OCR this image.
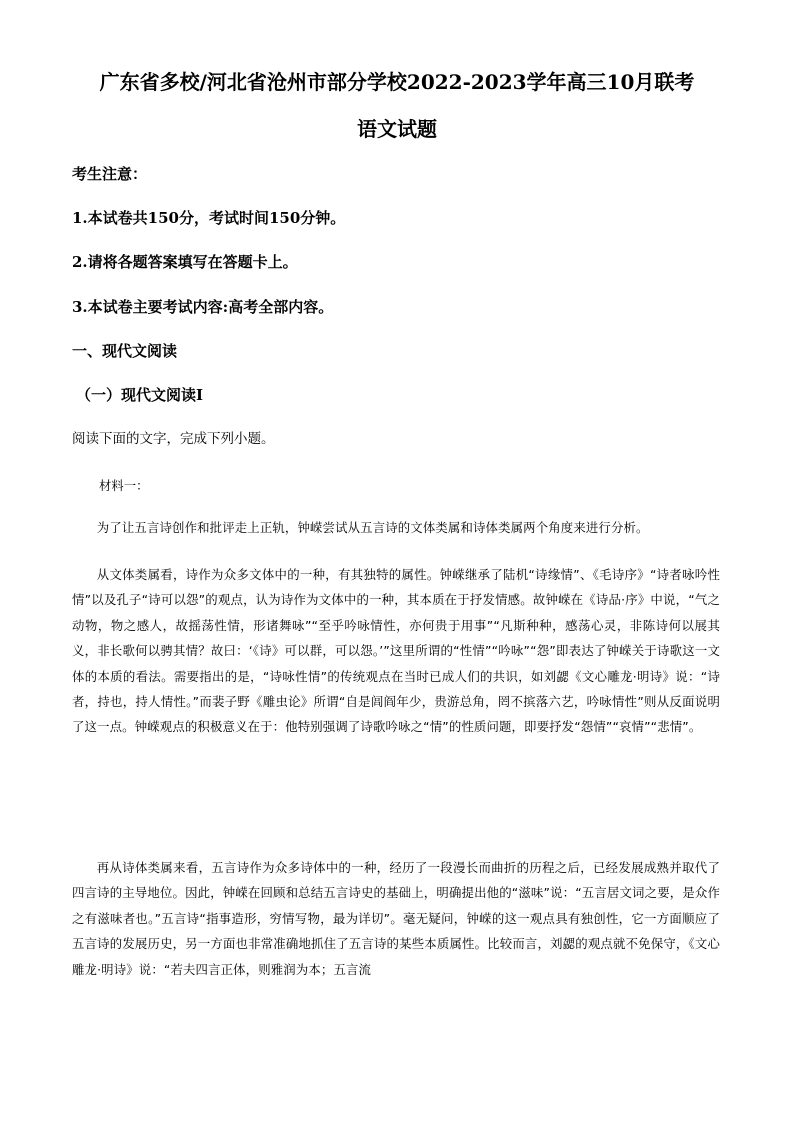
广东省多校/河北省沧州市部分学校2022-2023学年高三10月联考
语文试题
考生注意：
1.本试卷共150分，考试时间150分钟。
2.请将各题答案填写在答题卡上。
3.本试卷主要考试内容:高考全部内容。
一、现代文阅读
（一）现代文阅读Ⅰ
阅读下面的文字，完成下列小题。
材料一：
为了让五言诗创作和批评走上正轨，钟嵘尝试从五言诗的文体类属和诗体类属两个角度来进行分析。
从文体类属看，诗作为众多文体中的一种，有其独特的属性。钟嵘继承了陆机“诗缘情”、《毛诗序》“诗者咏吟性情”以及孔子“诗可以怨”的观点，认为诗作为文体中的一种，其本质在于抒发情感。故钟嵘在《诗品·序》中说，“气之动物，物之感人，故摇荡性情，形诸舞咏”“至乎吟咏情性，亦何贵于用事”“凡斯种种，感荡心灵，非陈诗何以展其义，非长歌何以骋其情？故曰：‘《诗》可以群，可以怨。’”这里所谓的“性情”“吟咏”“怨”即表达了钟嵘关于诗歌这一文体的本质的看法。需要指出的是，“诗咏性情”的传统观点在当时已成人们的共识，如刘勰《文心雕龙·明诗》说：“诗者，持也，持人情性。”而裴子野《雕虫论》所谓“自是闾阎年少，贵游总角，罔不摈落六艺，吟咏情性”则从反面说明了这一点。钟嵘观点的积极意义在于：他特别强调了诗歌吟咏之“情”的性质问题，即要抒发“怨情”“哀情”“悲情”。
再从诗体类属来看，五言诗作为众多诗体中的一种，经历了一段漫长而曲折的历程之后，已经发展成熟并取代了四言诗的主导地位。因此，钟嵘在回顾和总结五言诗史的基础上，明确提出他的“滋味”说：“五言居文词之要，是众作之有滋味者也。”五言诗“指事造形，穷情写物，最为详切”。毫无疑问，钟嵘的这一观点具有独创性，它一方面顺应了五言诗的发展历史，另一方面也非常准确地抓住了五言诗的某些本质属性。比较而言，刘勰的观点就不免保守，《文心雕龙·明诗》说：“若夫四言正体，则雅润为本；五言流
